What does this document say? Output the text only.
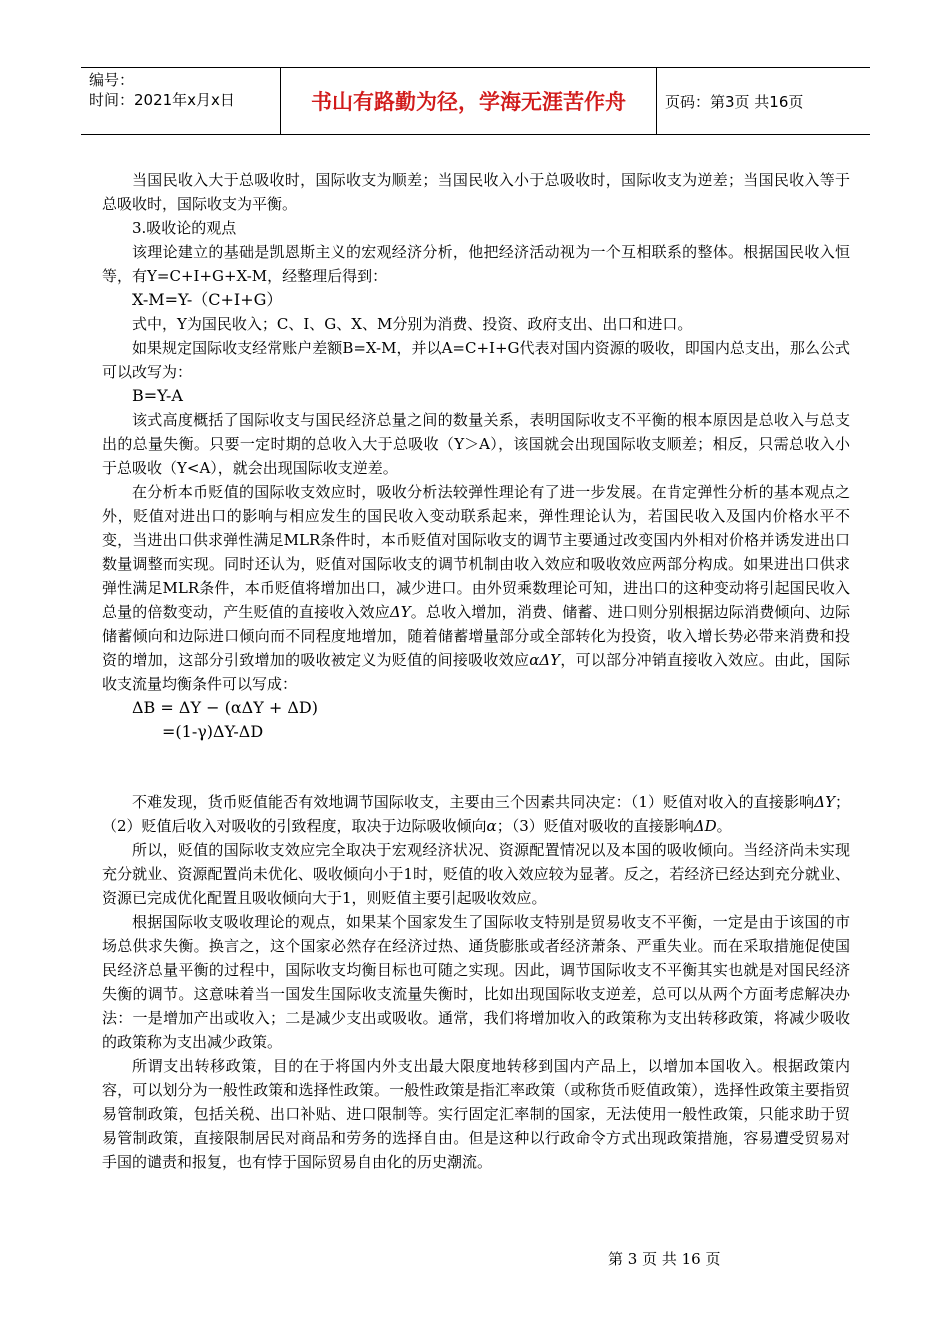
编号：
时间：2021年x月x日	书山有路勤为径，学海无涯苦作舟	页码：第3页 共16页

当国民收入大于总吸收时，国际收支为顺差；当国民收入小于总吸收时，国际收支为逆差；当国民收入等于总吸收时，国际收支为平衡。

3.吸收论的观点

该理论建立的基础是凯恩斯主义的宏观经济分析，他把经济活动视为一个互相联系的整体。根据国民收入恒等，有Y=C+I+G+X-M，经整理后得到：

X-M=Y-（C+I+G）

式中，Y为国民收入；C、I、G、X、M分别为消费、投资、政府支出、出口和进口。

如果规定国际收支经常账户差额B=X-M，并以A=C+I+G代表对国内资源的吸收，即国内总支出，那么公式可以改写为：

B=Y-A

该式高度概括了国际收支与国民经济总量之间的数量关系，表明国际收支不平衡的根本原因是总收入与总支出的总量失衡。只要一定时期的总收入大于总吸收（Y＞A），该国就会出现国际收支顺差；相反，只需总收入小于总吸收（Y<A），就会出现国际收支逆差。

在分析本币贬值的国际收支效应时，吸收分析法较弹性理论有了进一步发展。在肯定弹性分析的基本观点之外，贬值对进出口的影响与相应发生的国民收入变动联系起来，弹性理论认为，若国民收入及国内价格水平不变，当进出口供求弹性满足MLR条件时，本币贬值对国际收支的调节主要通过改变国内外相对价格并诱发进出口数量调整而实现。同时还认为，贬值对国际收支的调节机制由收入效应和吸收效应两部分构成。如果进出口供求弹性满足MLR条件，本币贬值将增加出口，减少进口。由外贸乘数理论可知，进出口的这种变动将引起国民收入总量的倍数变动，产生贬值的直接收入效应ΔY。总收入增加，消费、储蓄、进口则分别根据边际消费倾向、边际储蓄倾向和边际进口倾向而不同程度地增加，随着储蓄增量部分或全部转化为投资，收入增长势必带来消费和投资的增加，这部分引致增加的吸收被定义为贬值的间接吸收效应αΔY，可以部分冲销直接收入效应。由此，国际收支流量均衡条件可以写成：

ΔB = ΔY − (αΔY + ΔD)
=(1-γ)ΔY-ΔD

不难发现，货币贬值能否有效地调节国际收支，主要由三个因素共同决定：（1）贬值对收入的直接影响ΔY；（2）贬值后收入对吸收的引致程度，取决于边际吸收倾向α；（3）贬值对吸收的直接影响ΔD。

所以，贬值的国际收支效应完全取决于宏观经济状况、资源配置情况以及本国的吸收倾向。当经济尚未实现充分就业、资源配置尚未优化、吸收倾向小于1时，贬值的收入效应较为显著。反之，若经济已经达到充分就业、资源已完成优化配置且吸收倾向大于1，则贬值主要引起吸收效应。

根据国际收支吸收理论的观点，如果某个国家发生了国际收支特别是贸易收支不平衡，一定是由于该国的市场总供求失衡。换言之，这个国家必然存在经济过热、通货膨胀或者经济萧条、严重失业。而在采取措施促使国民经济总量平衡的过程中，国际收支均衡目标也可随之实现。因此，调节国际收支不平衡其实也就是对国民经济失衡的调节。这意味着当一国发生国际收支流量失衡时，比如出现国际收支逆差，总可以从两个方面考虑解决办法：一是增加产出或收入；二是减少支出或吸收。通常，我们将增加收入的政策称为支出转移政策，将减少吸收的政策称为支出减少政策。

所谓支出转移政策，目的在于将国内外支出最大限度地转移到国内产品上，以增加本国收入。根据政策内容，可以划分为一般性政策和选择性政策。一般性政策是指汇率政策（或称货币贬值政策），选择性政策主要指贸易管制政策，包括关税、出口补贴、进口限制等。实行固定汇率制的国家，无法使用一般性政策，只能求助于贸易管制政策，直接限制居民对商品和劳务的选择自由。但是这种以行政命令方式出现政策措施，容易遭受贸易对手国的谴责和报复，也有悖于国际贸易自由化的历史潮流。

第 3 页 共 16 页
